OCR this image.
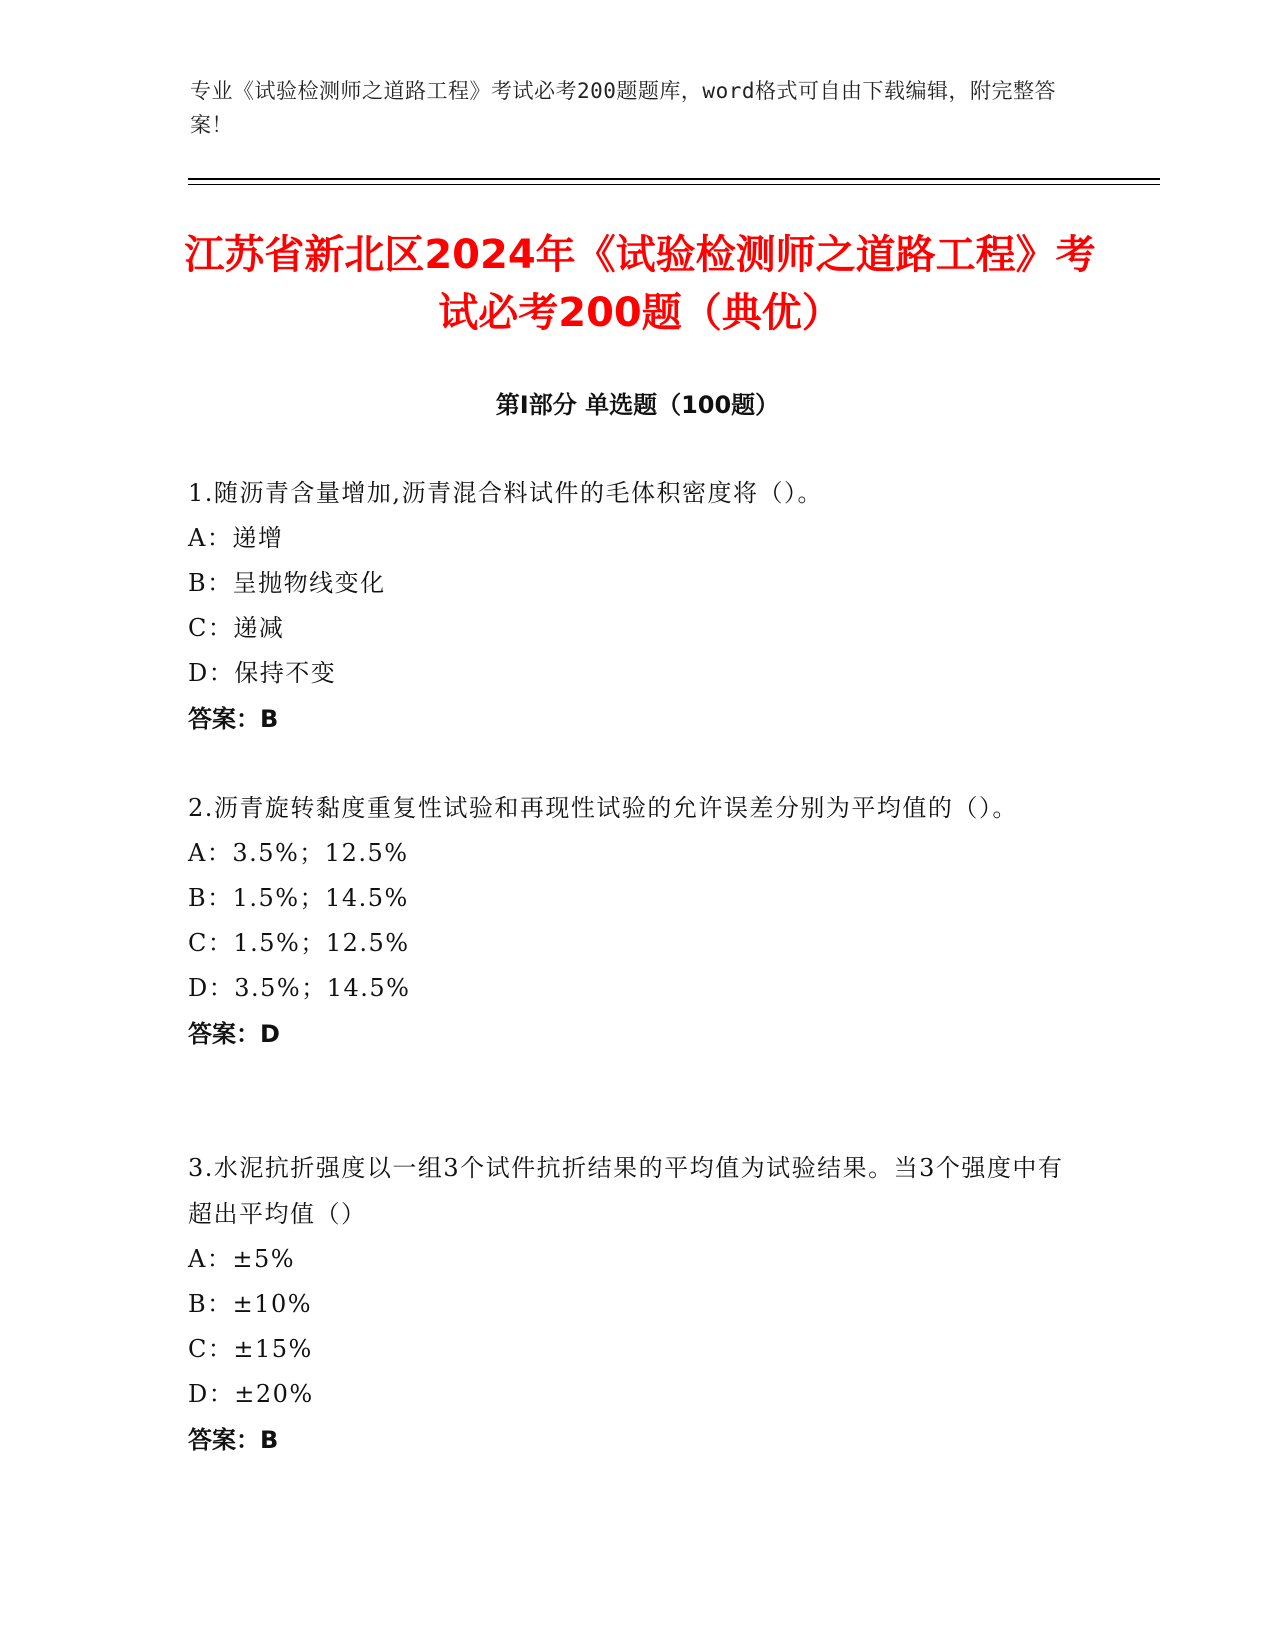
专业《试验检测师之道路工程》考试必考200题题库，word格式可自由下载编辑，附完整答案！
江苏省新北区2024年《试验检测师之道路工程》考试必考200题（典优）
第I部分 单选题（100题）
1.随沥青含量增加,沥青混合料试件的毛体积密度将（）。
A：递增
B：呈抛物线变化
C：递减
D：保持不变
答案：B
2.沥青旋转黏度重复性试验和再现性试验的允许误差分别为平均值的（）。
A：3.5%；12.5%
B：1.5%；14.5%
C：1.5%；12.5%
D：3.5%；14.5%
答案：D
3.水泥抗折强度以一组3个试件抗折结果的平均值为试验结果。当3个强度中有超出平均值（）
A：±5%
B：±10%
C：±15%
D：±20%
答案：B
